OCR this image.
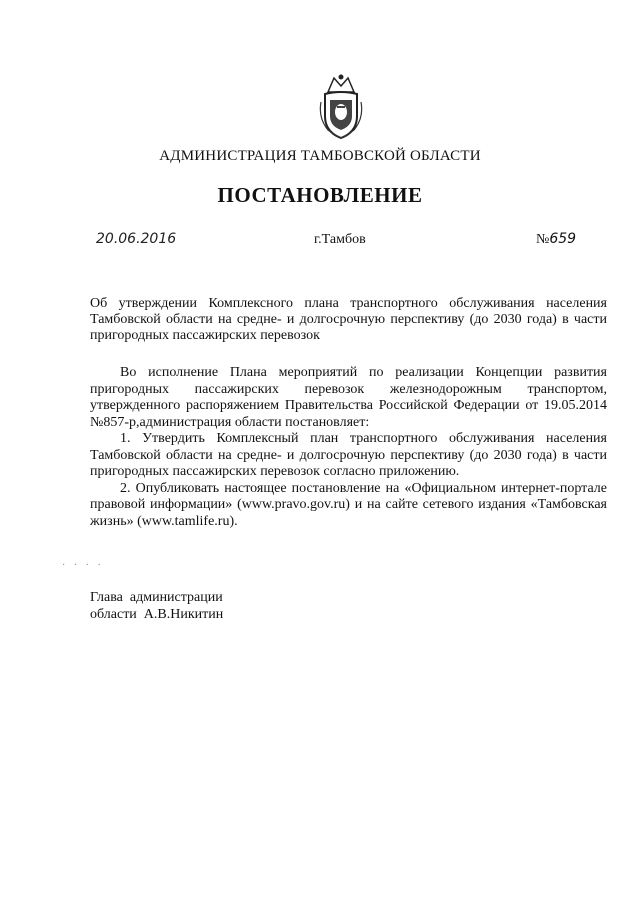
АДМИНИСТРАЦИЯ ТАМБОВСКОЙ ОБЛАСТИ
ПОСТАНОВЛЕНИЕ
20.06.2016	г.Тамбов	№659
Об утверждении Комплексного плана транспортного обслуживания населения Тамбовской области на средне- и долгосрочную перспективу (до 2030 года) в части пригородных пассажирских перевозок

Во исполнение Плана мероприятий по реализации Концепции развития пригородных пассажирских перевозок железнодорожным транспортом, утвержденного распоряжением Правительства Российской Федерации от 19.05.2014 №857-р,администрация области постановляет:

1. Утвердить Комплексный план транспортного обслуживания населения Тамбовской области на средне- и долгосрочную перспективу (до 2030 года) в части пригородных пассажирских перевозок согласно приложению.

2. Опубликовать настоящее постановление на «Официальном интернет-портале правовой информации» (www.pravo.gov.ru) и на сайте сетевого издания «Тамбовская жизнь» (www.tamlife.ru).

· · · ·
Глава  администрации
области  А.В.Никитин
